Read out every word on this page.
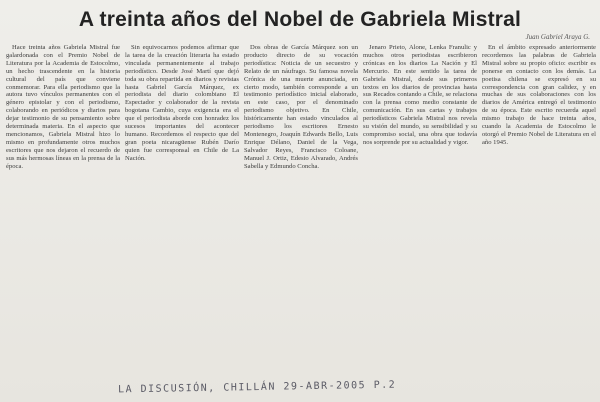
A treinta años del Nobel de Gabriela Mistral
Juan Gabriel Araya G.

Hace treinta años Gabriela Mistral fue galardonada con el Premio Nobel de Literatura por la Academia de Estocolmo, un hecho trascendente en la historia cultural del país que conviene conmemorar. Para ella periodismo que la autora tuvo vínculos permanentes con el género epistolar y con el periodismo, colaborando en periódicos y diarios para dejar testimonio de su pensamiento sobre determinada materia. En el aspecto que mencionamos, Gabriela Mistral hizo lo mismo en profundamente otros muchos escritores que nos dejaron el recuerdo de sus más hermosas líneas en la prensa de la época.

Sin equivocarnos podemos afirmar que la tarea de la creación literaria ha estado vinculada permanentemente al trabajo periodístico. Desde José Martí que dejó toda su obra repartida en diarios y revistas hasta Gabriel García Márquez, ex periodista del diario colombiano El Espectador y colaborador de la revista bogotana Cambio, cuya exigencia era el que el periodista aborde con honradez los sucesos importantes del acontecer humano. Recordemos el respecto que del gran poeta nicaragüense Rubén Darío quien fue corresponsal en Chile de La Nación.

Dos obras de García Márquez son un producto directo de su vocación periodística: Noticia de un secuestro y Relato de un náufrago. Su famosa novela Crónica de una muerte anunciada, en cierto modo, también corresponde a un testimonio periodístico inicial elaborado, en este caso, por el denominado periodismo objetivo. En Chile, históricamente han estado vinculados al periodismo los escritores Ernesto Montenegro, Joaquín Edwards Bello, Luis Enrique Délano, Daniel de la Vega, Salvador Reyes, Francisco Coloane, Manuel J. Ortiz, Edesio Alvarado, Andrés Sabella y Edmundo Concha.

Jenaro Prieto, Alone, Lenka Franulic y muchos otros periodistas escribieron crónicas en los diarios La Nación y El Mercurio. En este sentido la tarea de Gabriela Mistral, desde sus primeros textos en los diarios de provincias hasta sus Recados contando a Chile, se relaciona con la prensa como medio constante de comunicación. En sus cartas y trabajos periodísticos Gabriela Mistral nos revela su visión del mundo, su sensibilidad y su compromiso social, una obra que todavía nos sorprende por su actualidad y vigor.

En el ámbito expresado anteriormente recordemos las palabras de Gabriela Mistral sobre su propio oficio: escribir es ponerse en contacto con los demás. La poetisa chilena se expresó en su correspondencia con gran calidez, y en muchas de sus colaboraciones con los diarios de América entregó el testimonio de su época. Este escrito recuerda aquel mismo trabajo de hace treinta años, cuando la Academia de Estocolmo le otorgó el Premio Nobel de Literatura en el año 1945.

LA DISCUSIÓN, CHILLÁN 29-ABR-2005 P.2
